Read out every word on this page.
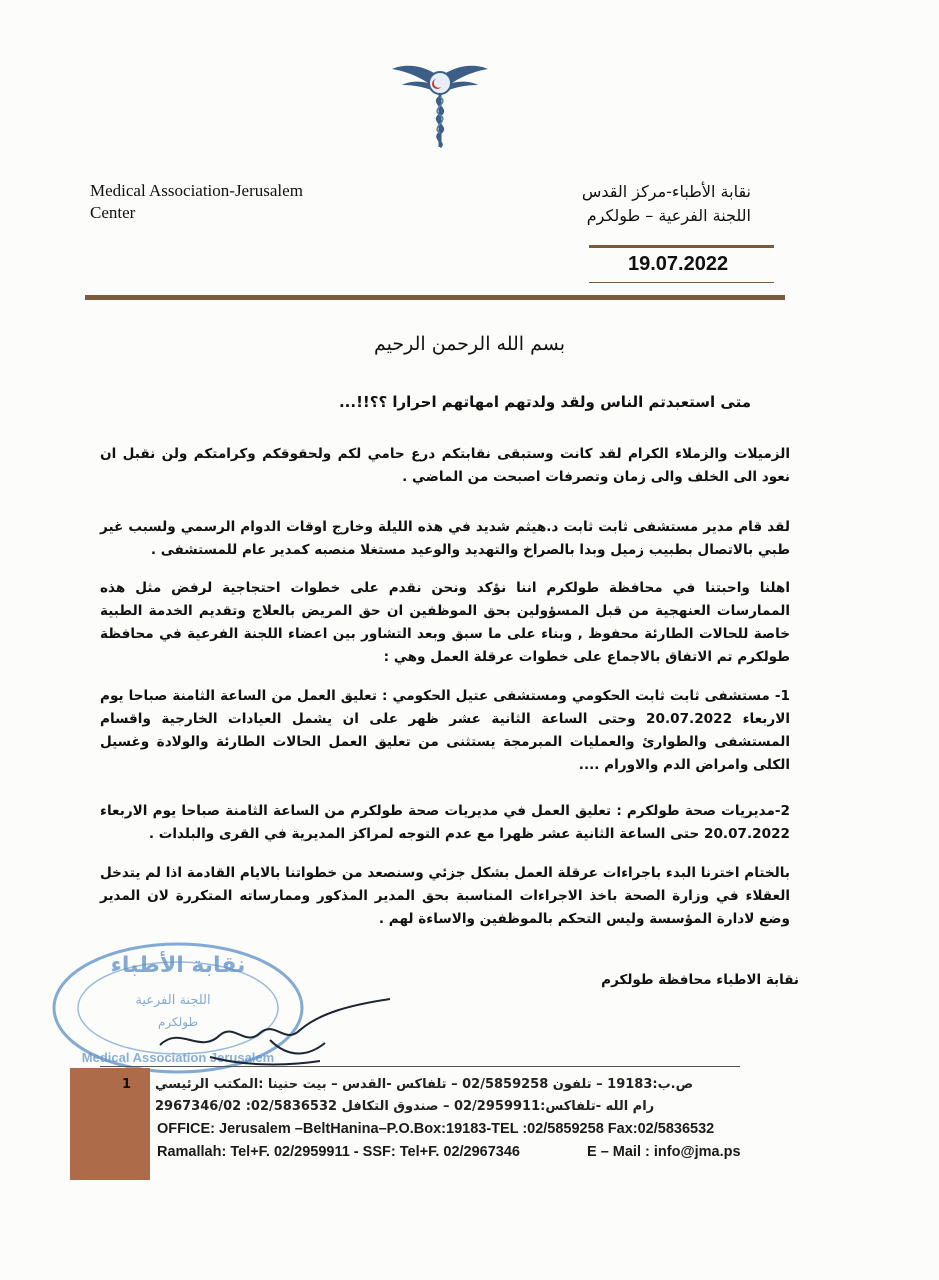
Medical Association-Jerusalem
Center
نقابة الأطباء-مركز القدس
اللجنة الفرعية – طولكرم
19.07.2022
بسم الله الرحمن الرحيم
متى استعبدتم الناس ولقد ولدتهم امهاتهم احرارا ؟؟!!...
الزميلات والزملاء الكرام لقد كانت وستبقى نقابتكم درع حامي لكم ولحقوقكم وكرامتكم ولن نقبل ان نعود الى الخلف والى زمان وتصرفات اصبحت من الماضي .
لقد قام مدير مستشفى ثابت ثابت د.هيثم شديد في هذه الليلة وخارج اوقات الدوام الرسمي ولسبب غير طبي بالاتصال بطبيب زميل وبدا بالصراخ والتهديد والوعيد مستغلا منصبه كمدير عام للمستشفى .
اهلنا واحبتنا في محافظة طولكرم اننا نؤكد ونحن نقدم على خطوات احتجاجية لرفض مثل هذه الممارسات العنهجية من قبل المسؤولين بحق الموظفين ان حق المريض بالعلاج وتقديم الخدمة الطبية خاصة للحالات الطارئة محفوظ , وبناء على ما سبق وبعد التشاور بين اعضاء اللجنة الفرعية في محافظة طولكرم تم الاتفاق بالاجماع على خطوات عرقلة العمل وهي :
1- مستشفى ثابت ثابت الحكومي ومستشفى عتيل الحكومي : تعليق العمل من الساعة الثامنة صباحا يوم الاربعاء 20.07.2022 وحتى الساعة الثانية عشر ظهر على ان يشمل العيادات الخارجية واقسام المستشفى والطوارئ والعمليات المبرمجة يستثنى من تعليق العمل الحالات الطارئة والولادة وغسيل الكلى وامراض الدم والاورام ....
2-مديريات صحة طولكرم : تعليق العمل في مديريات صحة طولكرم من الساعة الثامنة صباحا يوم الاربعاء 20.07.2022 حتى الساعة الثانية عشر ظهرا مع عدم التوجه لمراكز المديرية في القرى والبلدات .
بالختام اخترنا البدء باجراءات عرقلة العمل بشكل جزئي وسنصعد من خطواتنا بالايام القادمة اذا لم يتدخل العقلاء في وزارة الصحة باخذ الاجراءات المناسبة بحق المدير المذكور وممارساته المتكررة لان المدير وضع لادارة المؤسسة وليس التحكم بالموظفين والاساءة لهم .
نقابة الأطباء
اللجنة الفرعية
طولكرم
Medical Association Jerusalem
نقابة الاطباء محافظة طولكرم
1 ص.ب:19183 – تلفون 02/5859258 – تلفاكس -القدس – بيت حنينا :المكتب الرئيسي
رام الله -تلفاكس:02/2959911 – صندوق التكافل 02/5836532: 2967346/02
OFFICE: Jerusalem –BeltHanina–P.O.Box:19183-TEL :02/5859258 Fax:02/5836532
Ramallah: Tel+F. 02/2959911 - SSF: Tel+F. 02/2967346	E – Mail : info@jma.ps
